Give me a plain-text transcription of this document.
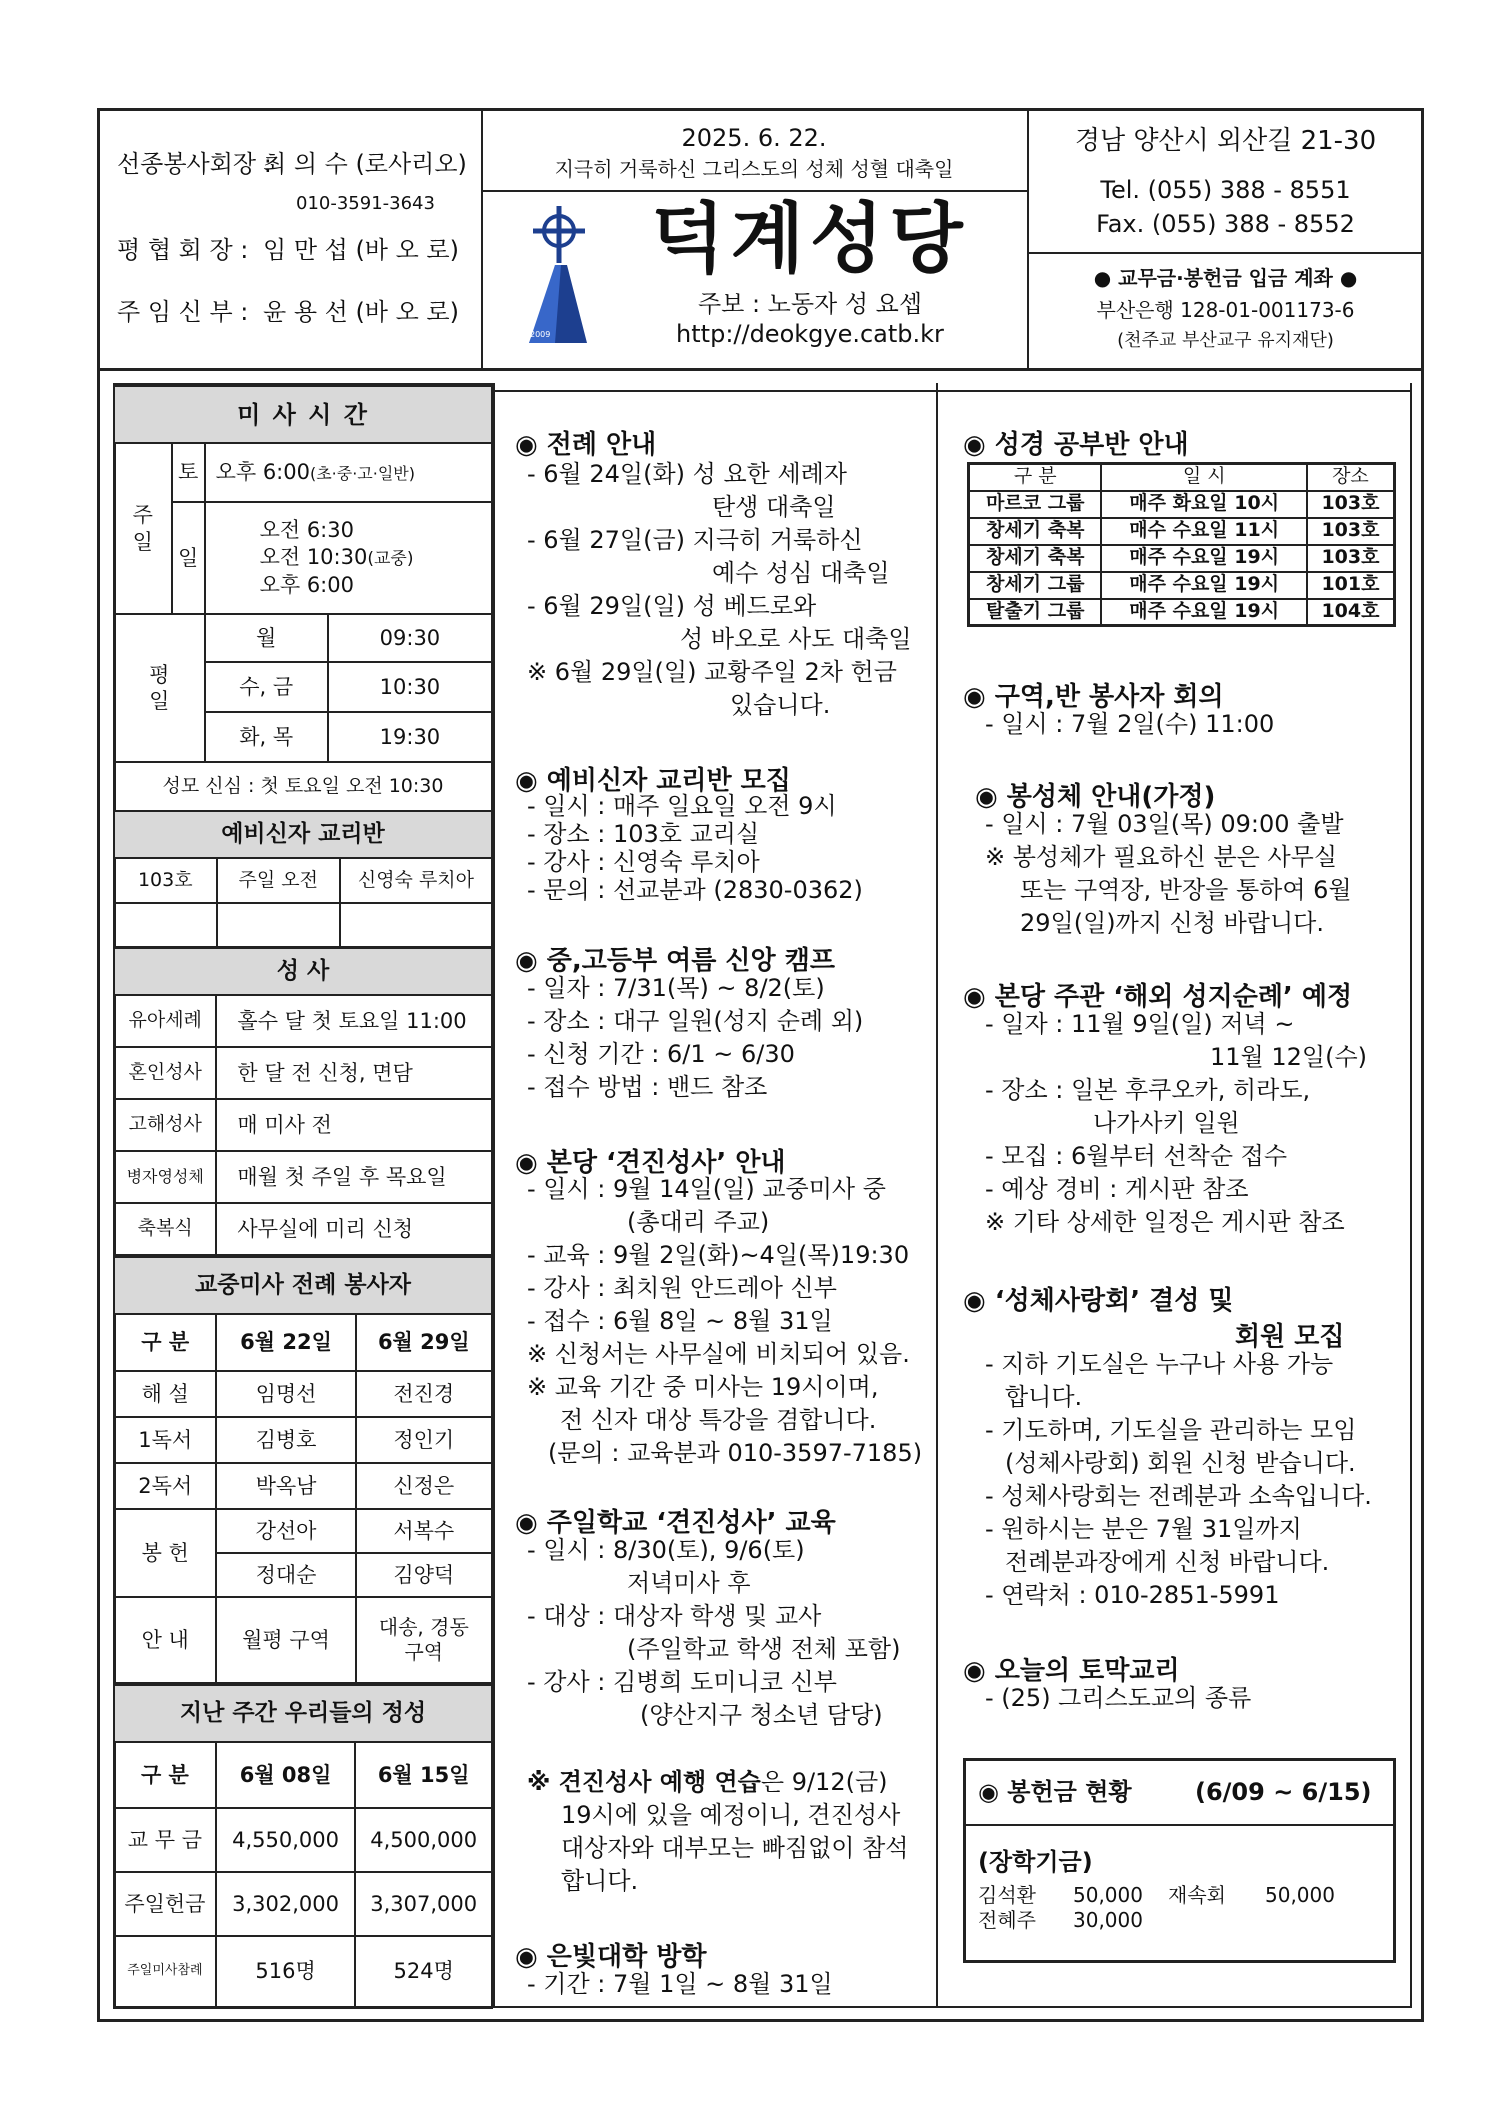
선종봉사회장 :
최 의 수 (로사리오)
010-3591-3643
평 협 회 장 : 임 만 섭 (바 오 로)
주 임 신 부 : 윤 용 선 (바 오 로)
2025. 6. 22.
지극히 거룩하신 그리스도의 성체 성혈 대축일
2009
덕계성당
주보 : 노동자 성 요셉
http://deokgye.catb.kr
경남 양산시 외산길 21-30
Tel. (055) 388 - 8551
Fax. (055) 388 - 8552
● 교무금·봉헌금 입금 계좌 ●
부산은행 128-01-001173-6
(천주교 부산교구 유지재단)
미 사 시 간			
주
일	토	오후 6:00(초·중·고·일반)	
	일	오전 6:30
오전 10:30(교중)
오후 6:00	

평
일		월	09:30
		수, 금	10:30
		화, 목	19:30
성모 신심 : 첫 토요일 오전 10:30			
예비신자 교리반		
103호	주일 오전	신영숙 루치아

성 사	
유아세례	홀수 달 첫 토요일 11:00
혼인성사	한 달 전 신청, 면담
고해성사	매 미사 전
병자영성체	매월 첫 주일 후 목요일
축복식	사무실에 미리 신청
교중미사 전례 봉사자		
구 분	6월 22일	6월 29일
해 설	임명선	전진경
1독서	김병호	정인기
2독서	박옥남	신정은
봉 헌	강선아	서복수
	정대순	김양덕
안 내	월평 구역	대송, 경동 구역
지난 주간 우리들의 정성		
구 분	6월 08일	6월 15일
교 무 금	4,550,000	4,500,000
주일헌금	3,302,000	3,307,000
주일미사참례	516명	524명
◉ 전례 안내
- 6월 24일(화) 성 요한 세례자
탄생 대축일
- 6월 27일(금) 지극히 거룩하신
예수 성심 대축일
- 6월 29일(일) 성 베드로와
성 바오로 사도 대축일
※ 6월 29일(일) 교황주일 2차 헌금
있습니다.
◉ 예비신자 교리반 모집
- 일시 : 매주 일요일 오전 9시
- 장소 : 103호 교리실
- 강사 : 신영숙 루치아
- 문의 : 선교분과 (2830-0362)
◉ 중,고등부 여름 신앙 캠프
- 일자 : 7/31(목) ~ 8/2(토)
- 장소 : 대구 일원(성지 순례 외)
- 신청 기간 : 6/1 ~ 6/30
- 접수 방법 : 밴드 참조
◉ 본당 ‘견진성사’ 안내
- 일시 : 9월 14일(일) 교중미사 중
(총대리 주교)
- 교육 : 9월 2일(화)~4일(목)19:30
- 강사 : 최치원 안드레아 신부
- 접수 : 6월 8일 ~ 8월 31일
※ 신청서는 사무실에 비치되어 있음.
※ 교육 기간 중 미사는 19시이며,
전 신자 대상 특강을 겸합니다.
(문의 : 교육분과 010-3597-7185)
◉ 주일학교 ‘견진성사’ 교육
- 일시 : 8/30(토), 9/6(토)
저녁미사 후
- 대상 : 대상자 학생 및 교사
(주일학교 학생 전체 포함)
- 강사 : 김병희 도미니코 신부
(양산지구 청소년 담당)
※ 견진성사 예행 연습은 9/12(금)
19시에 있을 예정이니, 견진성사
대상자와 대부모는 빠짐없이 참석
합니다.
◉ 은빛대학 방학
- 기간 : 7월 1일 ~ 8월 31일
◉ 성경 공부반 안내
구 분	일 시	장소
마르코 그룹	매주 화요일 10시	103호
창세기 축복	매수 수요일 11시	103호
창세기 축복	매주 수요일 19시	103호
창세기 그룹	매주 수요일 19시	101호
탈출기 그룹	매주 수요일 19시	104호
◉ 구역,반 봉사자 회의
- 일시 : 7월 2일(수) 11:00
◉ 봉성체 안내(가정)
- 일시 : 7월 03일(목) 09:00 출발
※ 봉성체가 필요하신 분은 사무실
또는 구역장, 반장을 통하여 6월
29일(일)까지 신청 바랍니다.
◉ 본당 주관 ‘해외 성지순례’ 예정
- 일자 : 11월 9일(일) 저녁 ~
11월 12일(수)
- 장소 : 일본 후쿠오카, 히라도,
나가사키 일원
- 모집 : 6월부터 선착순 접수
- 예상 경비 : 게시판 참조
※ 기타 상세한 일정은 게시판 참조
◉ ‘성체사랑회’ 결성 및
회원 모집
- 지하 기도실은 누구나 사용 가능
합니다.
- 기도하며, 기도실을 관리하는 모임
(성체사랑회) 회원 신청 받습니다.
- 성체사랑회는 전례분과 소속입니다.
- 원하시는 분은 7월 31일까지
전례분과장에게 신청 바랍니다.
- 연락처 : 010-2851-5991
◉ 오늘의 토막교리
- (25) 그리스도교의 종류
◉ 봉헌금 현황	(6/09 ~ 6/15)
(장학기금)
김석환 50,000 재속회 50,000
전혜주 30,000
